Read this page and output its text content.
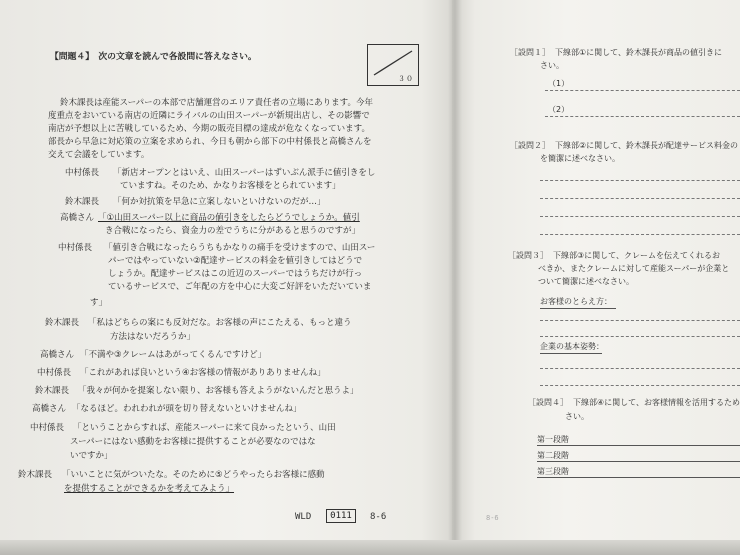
【問題４】　次の文章を読んで各設問に答えなさい。
３０
鈴木課長は産能スーパーの本部で店舗運営のエリア責任者の立場にあります。今年
度重点をおいている南店の近隣にライバルの山田スーパーが新規出店し、その影響で
南店が予想以上に苦戦しているため、今期の販売目標の達成が危なくなっています。
部長から早急に対応策の立案を求められ、今日も朝から部下の中村係長と高橋さんを
交えて会議をしています。
中村係長 「新店オープンとはいえ、山田スーパーはずいぶん派手に値引きをし
ていますね。そのため、かなりお客様をとられています」
鈴木課長 「何か対抗策を早急に立案しないといけないのだが…」
高橋さん 「①山田スーパー以上に商品の値引きをしたらどうでしょうか。値引
き合戦になったら、資金力の差でうちに分があると思うのですが」
中村係長 「値引き合戦になったらうちもかなりの痛手を受けますので、山田スー
パーではやっていない②配達サービスの料金を値引きしてはどうで
しょうか。配達サービスはこの近辺のスーパーではうちだけが行っ
ているサービスで、ご年配の方を中心に大変ご好評をいただいていま
す」
鈴木課長 「私はどちらの案にも反対だな。お客様の声にこたえる、もっと違う
方法はないだろうか」
高橋さん 「不満や③クレームはあがってくるんですけど」
中村係長 「これがあれば良いという④お客様の情報がありありませんね」
鈴木課長 「我々が何かを提案しない限り、お客様も答えようがないんだと思うよ」
高橋さん 「なるほど。われわれが頭を切り替えないといけませんね」
中村係長 「ということからすれば、産能スーパーに来て良かったという、山田
スーパーにはない感動をお客様に提供することが必要なのではな
いですか」
鈴木課長 「いいことに気がついたな。そのために⑤どうやったらお客様に感動
を提供することができるかを考えてみよう」
WLD	0111	8-6
［設問１］ 下線部①に関して、鈴木課長が商品の値引きに
さい。
（1）
（2）
［設問２］ 下線部②に関して、鈴木課長が配達サービス料金の
を簡潔に述べなさい。
［設問３］ 下線部③に関して、クレームを伝えてくれるお
べきか、またクレームに対して産能スーパーが企業と
ついて簡潔に述べなさい。
お客様のとらえ方：
企業の基本姿勢：
［設問４］ 下線部④に関して、お客様情報を活用するため
さい。
第一段階
第二段階
第三段階
8-6
